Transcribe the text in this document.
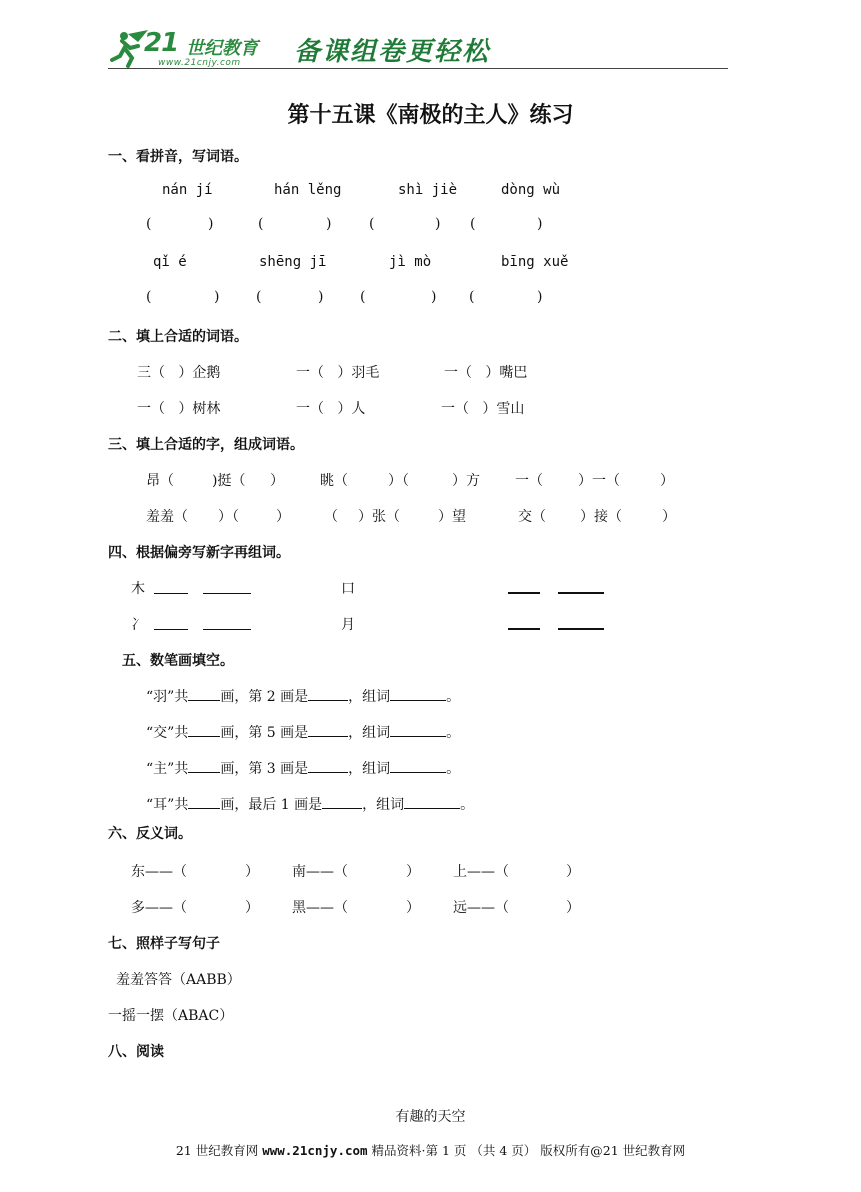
21 世纪教育
www.21cnjy.com 备课组卷更轻松
第十五课《南极的主人》练习
一、看拼音，写词语。
nán jí	hán lěng	shì jiè	dòng wù
(	)	(	)	(	) (	)
qǐ é	shēng jī	jì mò	bīng xuě
(	)	(	)	(	) (	)
二、填上合适的词语。
三（ ）企鹅	一（ ）羽毛	一（ ）嘴巴
一（ ）树林	一（ ）人	一（ ）雪山
三、填上合适的字，组成词语。
昂（	)挺（ ）	眺（	）（	）方	一（	）一（	）
羞羞（ ）（	） （ ）张（	）望	交（ ）接（	）
四、根据偏旁写新字再组词。
木	口
冫	月
五、数笔画填空。
“羽”共 画，第 2 画是	，组词	。
“交”共 画，第 5 画是	，组词	。
“主”共 画，第 3 画是	，组词	。
“耳”共 画，最后 1 画是	，组词	。
六、反义词。
东——（	） 南——（	） 上——（	）
多——（	） 黑——（	） 远——（	）
七、照样子写句子
羞羞答答（AABB）
一摇一摆（ABAC）
八、阅读
有趣的天空
21 世纪教育网 www.21cnjy.com 精品资料·第 1 页 （共 4 页） 版权所有@21 世纪教育网
